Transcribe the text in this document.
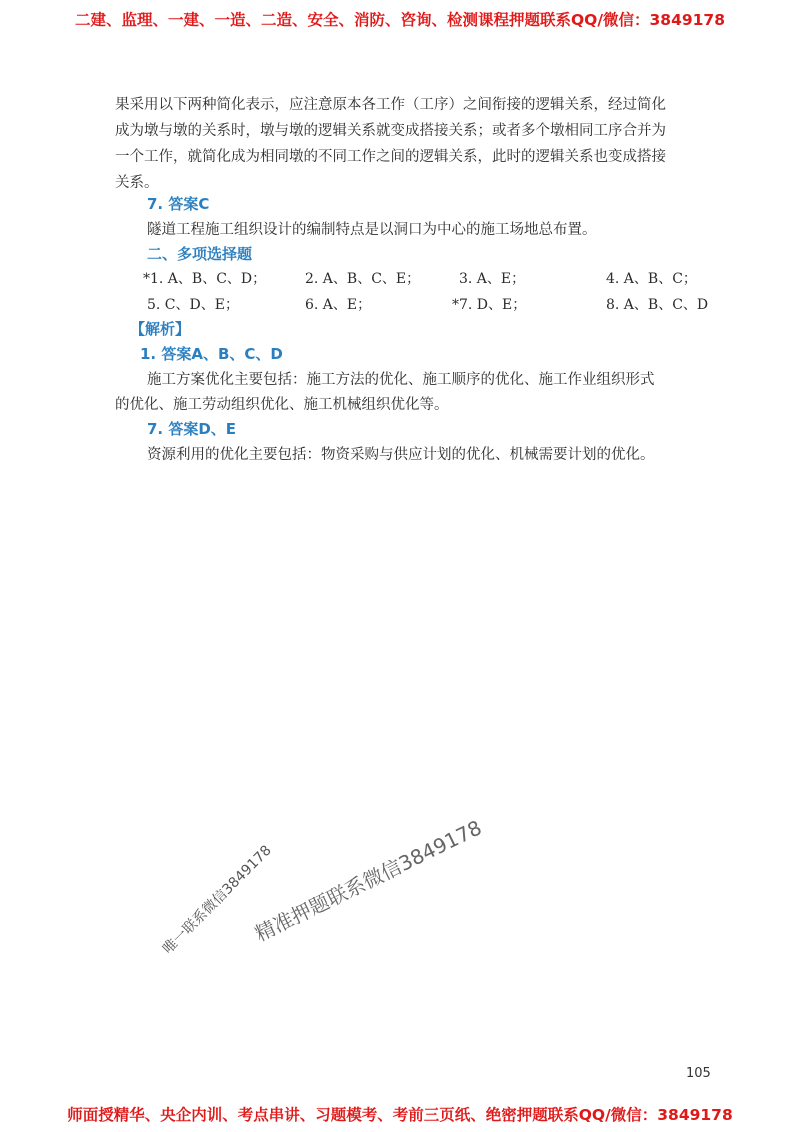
二建、监理、一建、一造、二造、安全、消防、咨询、检测课程押题联系QQ/微信：3849178

果采用以下两种简化表示，应注意原本各工作（工序）之间衔接的逻辑关系，经过简化

成为墩与墩的关系时，墩与墩的逻辑关系就变成搭接关系；或者多个墩相同工序合并为

一个工作，就简化成为相同墩的不同工作之间的逻辑关系，此时的逻辑关系也变成搭接

关系。

7. 答案C
隧道工程施工组织设计的编制特点是以洞口为中心的施工场地总布置。
二、多项选择题
*1. A、B、C、D；	2. A、B、C、E；	3. A、E；	4. A、B、C；
5. C、D、E；	6. A、E；	*7. D、E；	8. A、B、C、D
【解析】
1. 答案A、B、C、D
施工方案优化主要包括：施工方法的优化、施工顺序的优化、施工作业组织形式
的优化、施工劳动组织优化、施工机械组织优化等。
7. 答案D、E
资源利用的优化主要包括：物资采购与供应计划的优化、机械需要计划的优化。
唯一联系微信3849178
精准押题联系微信3849178
105
师面授精华、央企内训、考点串讲、习题模考、考前三页纸、绝密押题联系QQ/微信：3849178
